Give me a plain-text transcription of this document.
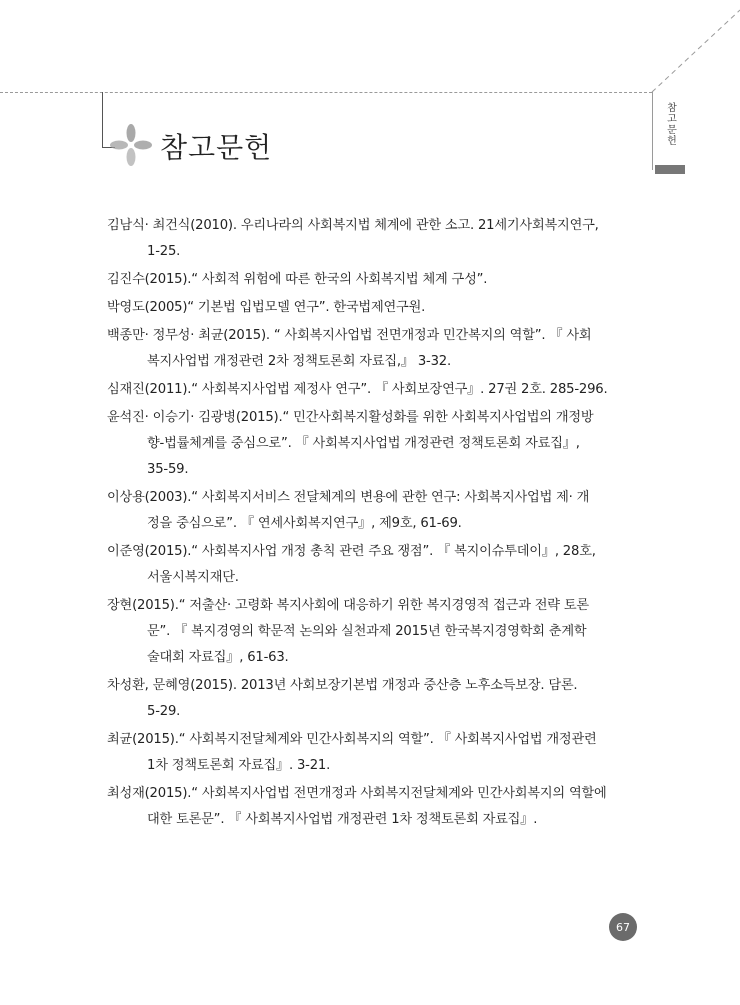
참고문헌
참고문헌
김남식· 최건식(2010). 우리나라의 사회복지법 체계에 관한 소고. 21세기사회복지연구,
1-25.
김진수(2015).“ 사회적 위험에 따른 한국의 사회복지법 체계 구성”.
박영도(2005)“ 기본법 입법모델 연구”. 한국법제연구원.
백종만· 정무성· 최균(2015). “ 사회복지사업법 전면개정과 민간복지의 역할”. 『 사회
복지사업법 개정관련 2차 정책토론회 자료집,』 3-32.
심재진(2011).“ 사회복지사업법 제정사 연구”. 『 사회보장연구』. 27권 2호. 285-296.
윤석진· 이승기· 김광병(2015).“ 민간사회복지활성화를 위한 사회복지사업법의 개정방
향-법률체계를 중심으로”. 『 사회복지사업법 개정관련 정책토론회 자료집』,
35-59.
이상용(2003).“ 사회복지서비스 전달체계의 변용에 관한 연구: 사회복지사업법 제· 개
정을 중심으로”. 『 연세사회복지연구』, 제9호, 61-69.
이준영(2015).“ 사회복지사업 개정 총칙 관련 주요 쟁점”. 『 복지이슈투데이』, 28호,
서울시복지재단.
장현(2015).“ 저출산· 고령화 복지사회에 대응하기 위한 복지경영적 접근과 전략 토론
문”. 『 복지경영의 학문적 논의와 실천과제 2015년 한국복지경영학회 춘계학
술대회 자료집』, 61-63.
차성환, 문혜영(2015). 2013년 사회보장기본법 개정과 중산층 노후소득보장. 담론.
5-29.
최균(2015).“ 사회복지전달체계와 민간사회복지의 역할”. 『 사회복지사업법 개정관련
1차 정책토론회 자료집』. 3-21.
최성재(2015).“ 사회복지사업법 전면개정과 사회복지전달체계와 민간사회복지의 역할에
대한 토론문”. 『 사회복지사업법 개정관련 1차 정책토론회 자료집』.
67
